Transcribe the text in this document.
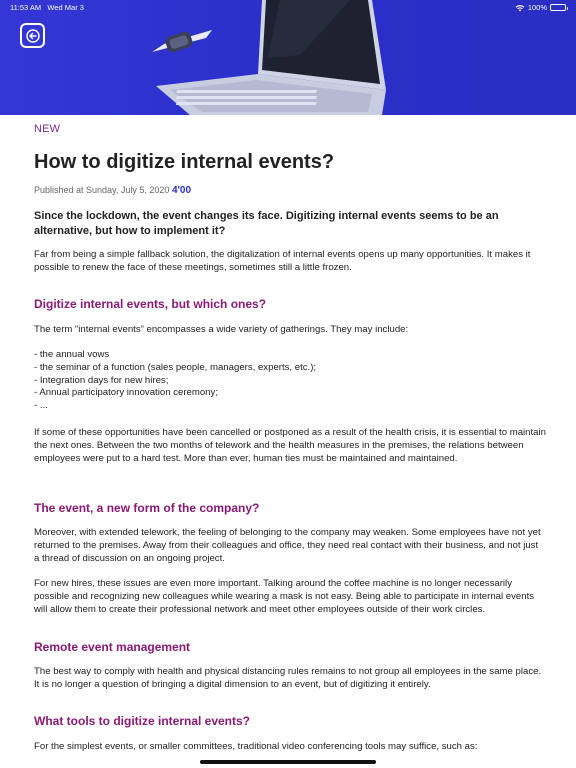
11:53 AM Wed Mar 3	100%
NEW
How to digitize internal events?
Published at Sunday, July 5, 2020 4'00

Since the lockdown, the event changes its face. Digitizing internal events seems to be an alternative, but how to implement it?

Far from being a simple fallback solution, the digitalization of internal events opens up many opportunities. It makes it possible to renew the face of these meetings, sometimes still a little frozen.

Digitize internal events, but which ones?

The term “internal events” encompasses a wide variety of gatherings. They may include:

- the annual vows
- the seminar of a function (sales people, managers, experts, etc.);
- Integration days for new hires;
- Annual participatory innovation ceremony;
- ...

If some of these opportunities have been cancelled or postponed as a result of the health crisis, it is essential to maintain the next ones. Between the two months of telework and the health measures in the premises, the relations between employees were put to a hard test. More than ever, human ties must be maintained and maintained.

The event, a new form of the company?

Moreover, with extended telework, the feeling of belonging to the company may weaken. Some employees have not yet returned to the premises. Away from their colleagues and office, they need real contact with their business, and not just a thread of discussion on an ongoing project.

For new hires, these issues are even more important. Talking around the coffee machine is no longer necessarily possible and recognizing new colleagues while wearing a mask is not easy. Being able to participate in internal events will allow them to create their professional network and meet other employees outside of their work circles.

Remote event management

The best way to comply with health and physical distancing rules remains to not group all employees in the same place. It is no longer a question of bringing a digital dimension to an event, but of digitizing it entirely.

What tools to digitize internal events?

For the simplest events, or smaller committees, traditional video conferencing tools may suffice, such as:
